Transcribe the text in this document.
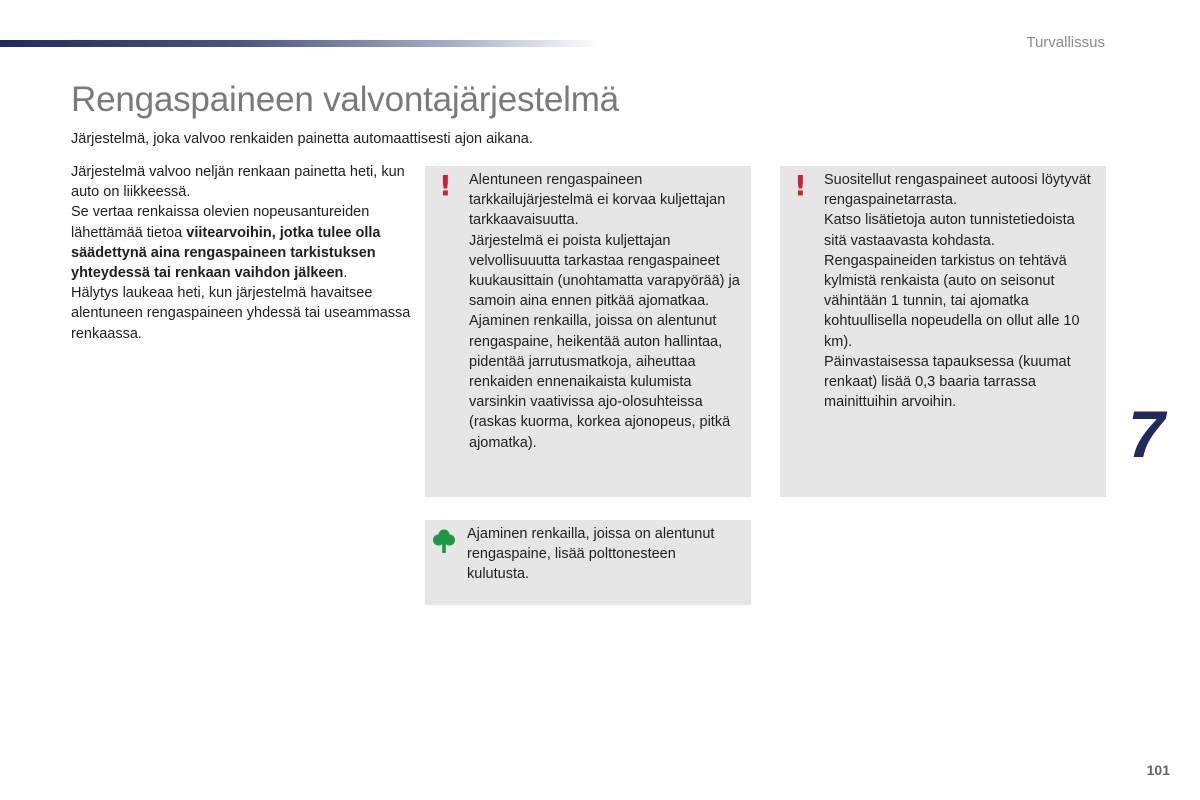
Turvallissus
Rengaspaineen valvontajärjestelmä

Järjestelmä, joka valvoo renkaiden painetta automaattisesti ajon aikana.

Järjestelmä valvoo neljän renkaan painetta heti, kun auto on liikkeessä.

Se vertaa renkaissa olevien nopeusantureiden lähettämää tietoa viitearvoihin, jotka tulee olla säädettynä aina rengaspaineen tarkistuksen yhteydessä tai renkaan vaihdon jälkeen.

Hälytys laukeaa heti, kun järjestelmä havaitsee alentuneen rengaspaineen yhdessä tai useammassa renkaassa.

! Alentuneen rengaspaineen tarkkailujärjestelmä ei korvaa kuljettajan tarkkaavaisuutta.

Järjestelmä ei poista kuljettajan velvollisuuutta tarkastaa rengaspaineet kuukausittain (unohtamatta varapyörää) ja samoin aina ennen pitkää ajomatkaa.

Ajaminen renkailla, joissa on alentunut rengaspaine, heikentää auton hallintaa, pidentää jarrutusmatkoja, aiheuttaa renkaiden ennenaikaista kulumista varsinkin vaativissa ajo-olosuhteissa (raskas kuorma, korkea ajonopeus, pitkä ajomatka).

! Suositellut rengaspaineet autoosi löytyvät rengaspainetarrasta.

Katso lisätietoja auton tunnistetiedoista sitä vastaavasta kohdasta.

Rengaspaineiden tarkistus on tehtävä kylmistä renkaista (auto on seisonut vähintään 1 tunnin, tai ajomatka kohtuullisella nopeudella on ollut alle 10 km).

Päinvastaisessa tapauksessa (kuumat renkaat) lisää 0,3 baaria tarrassa mainittuihin arvoihin.

Ajaminen renkailla, joissa on alentunut rengaspaine, lisää polttonesteen kulutusta.
7
101
